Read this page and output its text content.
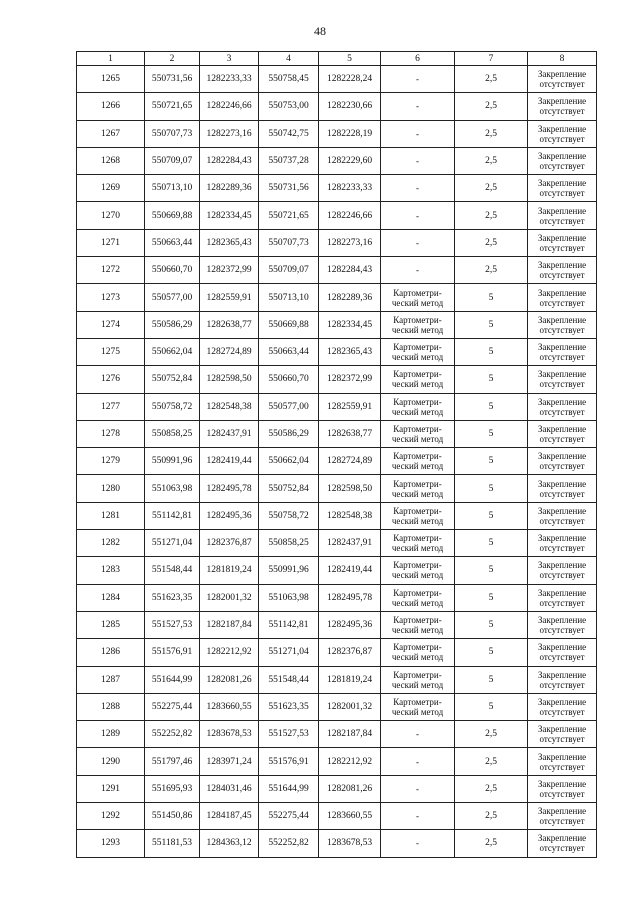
48
1	2	3	4	5	6	7	8
1265	550731,56	1282233,33	550758,45	1282228,24	-	2,5	Закрепление отсутствует
1266	550721,65	1282246,66	550753,00	1282230,66	-	2,5	Закрепление отсутствует
1267	550707,73	1282273,16	550742,75	1282228,19	-	2,5	Закрепление отсутствует
1268	550709,07	1282284,43	550737,28	1282229,60	-	2,5	Закрепление отсутствует
1269	550713,10	1282289,36	550731,56	1282233,33	-	2,5	Закрепление отсутствует
1270	550669,88	1282334,45	550721,65	1282246,66	-	2,5	Закрепление отсутствует
1271	550663,44	1282365,43	550707,73	1282273,16	-	2,5	Закрепление отсутствует
1272	550660,70	1282372,99	550709,07	1282284,43	-	2,5	Закрепление отсутствует
1273	550577,00	1282559,91	550713,10	1282289,36	Картометри-ческий метод	5	Закрепление отсутствует
1274	550586,29	1282638,77	550669,88	1282334,45	Картометри-ческий метод	5	Закрепление отсутствует
1275	550662,04	1282724,89	550663,44	1282365,43	Картометри-ческий метод	5	Закрепление отсутствует
1276	550752,84	1282598,50	550660,70	1282372,99	Картометри-ческий метод	5	Закрепление отсутствует
1277	550758,72	1282548,38	550577,00	1282559,91	Картометри-ческий метод	5	Закрепление отсутствует
1278	550858,25	1282437,91	550586,29	1282638,77	Картометри-ческий метод	5	Закрепление отсутствует
1279	550991,96	1282419,44	550662,04	1282724,89	Картометри-ческий метод	5	Закрепление отсутствует
1280	551063,98	1282495,78	550752,84	1282598,50	Картометри-ческий метод	5	Закрепление отсутствует
1281	551142,81	1282495,36	550758,72	1282548,38	Картометри-ческий метод	5	Закрепление отсутствует
1282	551271,04	1282376,87	550858,25	1282437,91	Картометри-ческий метод	5	Закрепление отсутствует
1283	551548,44	1281819,24	550991,96	1282419,44	Картометри-ческий метод	5	Закрепление отсутствует
1284	551623,35	1282001,32	551063,98	1282495,78	Картометри-ческий метод	5	Закрепление отсутствует
1285	551527,53	1282187,84	551142,81	1282495,36	Картометри-ческий метод	5	Закрепление отсутствует
1286	551576,91	1282212,92	551271,04	1282376,87	Картометри-ческий метод	5	Закрепление отсутствует
1287	551644,99	1282081,26	551548,44	1281819,24	Картометри-ческий метод	5	Закрепление отсутствует
1288	552275,44	1283660,55	551623,35	1282001,32	Картометри-ческий метод	5	Закрепление отсутствует
1289	552252,82	1283678,53	551527,53	1282187,84	-	2,5	Закрепление отсутствует
1290	551797,46	1283971,24	551576,91	1282212,92	-	2,5	Закрепление отсутствует
1291	551695,93	1284031,46	551644,99	1282081,26	-	2,5	Закрепление отсутствует
1292	551450,86	1284187,45	552275,44	1283660,55	-	2,5	Закрепление отсутствует
1293	551181,53	1284363,12	552252,82	1283678,53	-	2,5	Закрепление отсутствует
